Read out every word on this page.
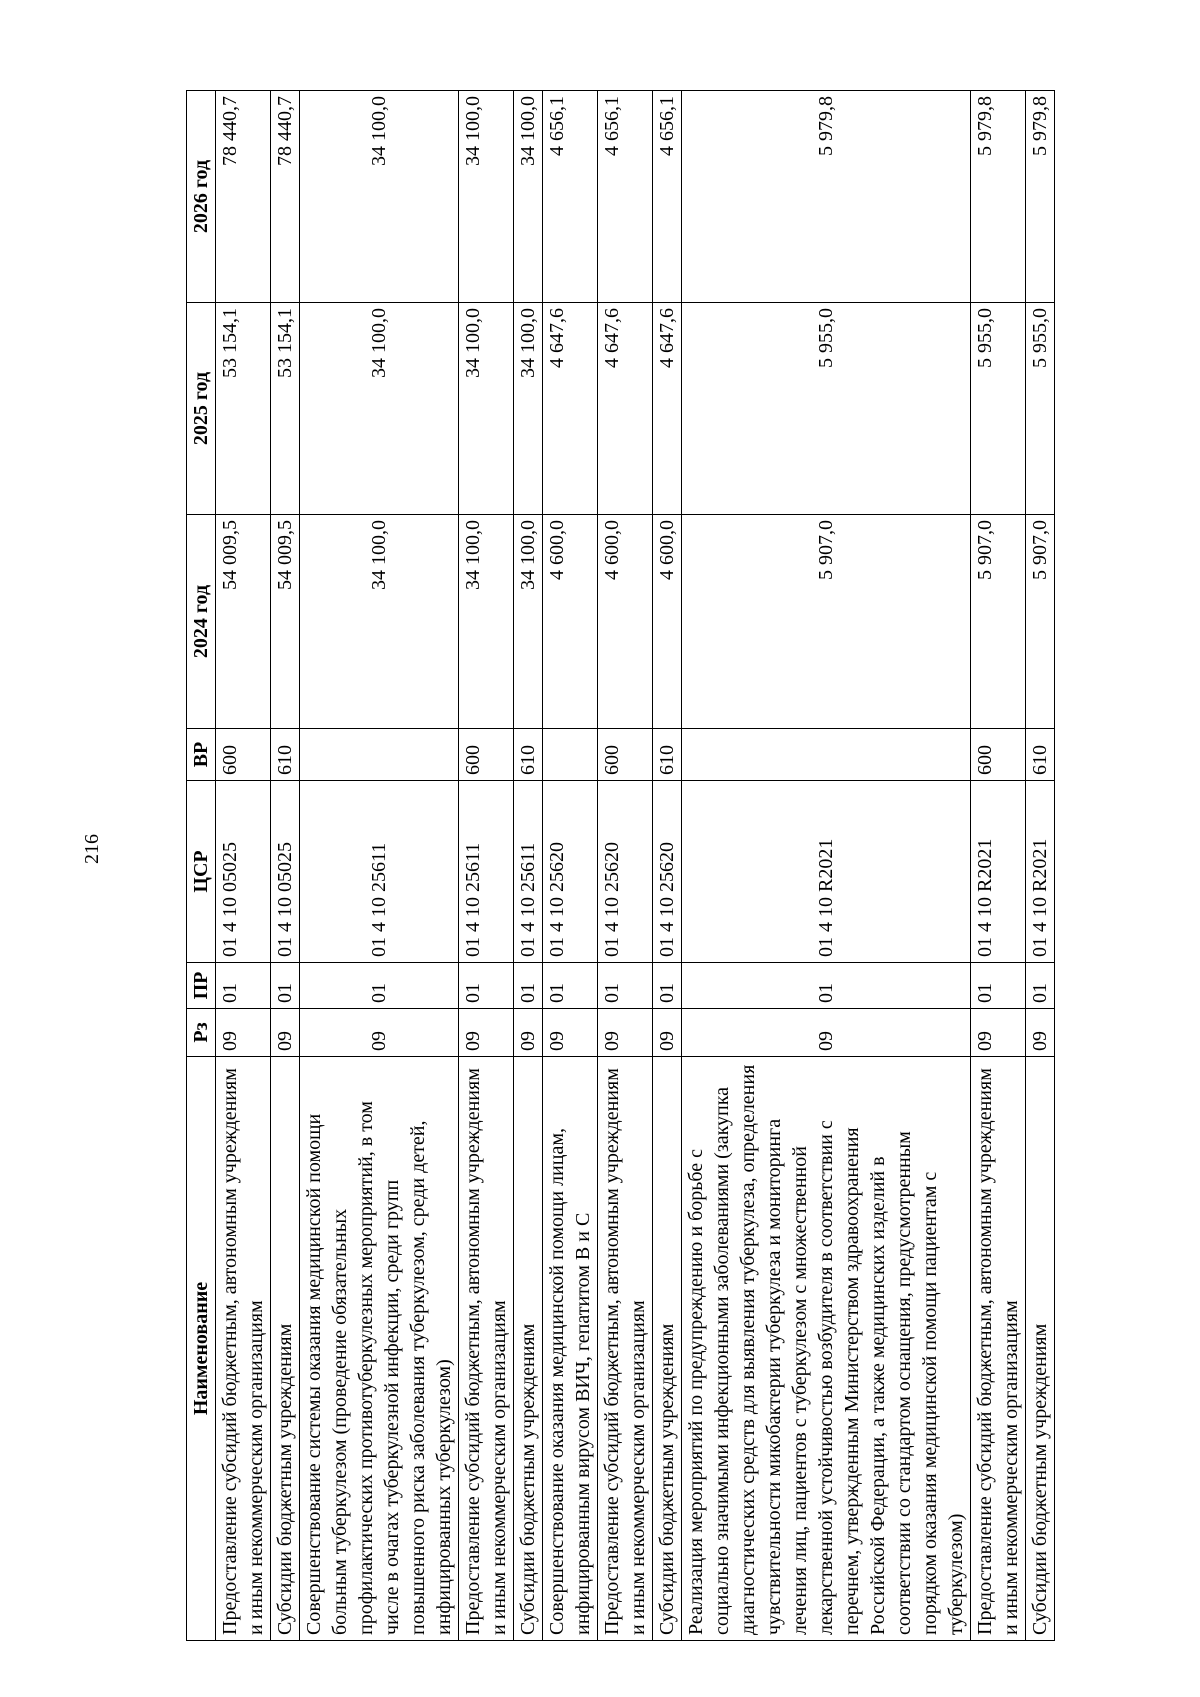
216
Наименование	Рз	ПР	ЦСР	ВР	2024 год	2025 год	2026 год
Предоставление субсидий бюджетным, автономным учреждениям и иным некоммерческим организациям	09	01	01 4 10 05025	600	54 009,5	53 154,1	78 440,7
Субсидии бюджетным учреждениям	09	01	01 4 10 05025	610	54 009,5	53 154,1	78 440,7
Совершенствование системы оказания медицинской помощи больным туберкулезом (проведение обязательных профилактических противотуберкулезных мероприятий, в том числе в очагах туберкулезной инфекции, среди групп повышенного риска заболевания туберкулезом, среди детей, инфицированных туберкулезом)	09	01	01 4 10 25611		34 100,0	34 100,0	34 100,0
Предоставление субсидий бюджетным, автономным учреждениям и иным некоммерческим организациям	09	01	01 4 10 25611	600	34 100,0	34 100,0	34 100,0
Субсидии бюджетным учреждениям	09	01	01 4 10 25611	610	34 100,0	34 100,0	34 100,0
Совершенствование оказания медицинской помощи лицам, инфицированным вирусом ВИЧ, гепатитом В и С	09	01	01 4 10 25620		4 600,0	4 647,6	4 656,1
Предоставление субсидий бюджетным, автономным учреждениям и иным некоммерческим организациям	09	01	01 4 10 25620	600	4 600,0	4 647,6	4 656,1
Субсидии бюджетным учреждениям	09	01	01 4 10 25620	610	4 600,0	4 647,6	4 656,1
Реализация мероприятий по предупреждению и борьбе с социально значимыми инфекционными заболеваниями (закупка диагностических средств для выявления туберкулеза, определения чувствительности микобактерии туберкулеза и мониторинга лечения лиц, пациентов с туберкулезом с множественной лекарственной устойчивостью возбудителя в соответствии с перечнем, утвержденным Министерством здравоохранения Российской Федерации, а также медицинских изделий в соответствии со стандартом оснащения, предусмотренным порядком оказания медицинской помощи пациентам с туберкулезом)	09	01	01 4 10 R2021		5 907,0	5 955,0	5 979,8
Предоставление субсидий бюджетным, автономным учреждениям и иным некоммерческим организациям	09	01	01 4 10 R2021	600	5 907,0	5 955,0	5 979,8
Субсидии бюджетным учреждениям	09	01	01 4 10 R2021	610	5 907,0	5 955,0	5 979,8
